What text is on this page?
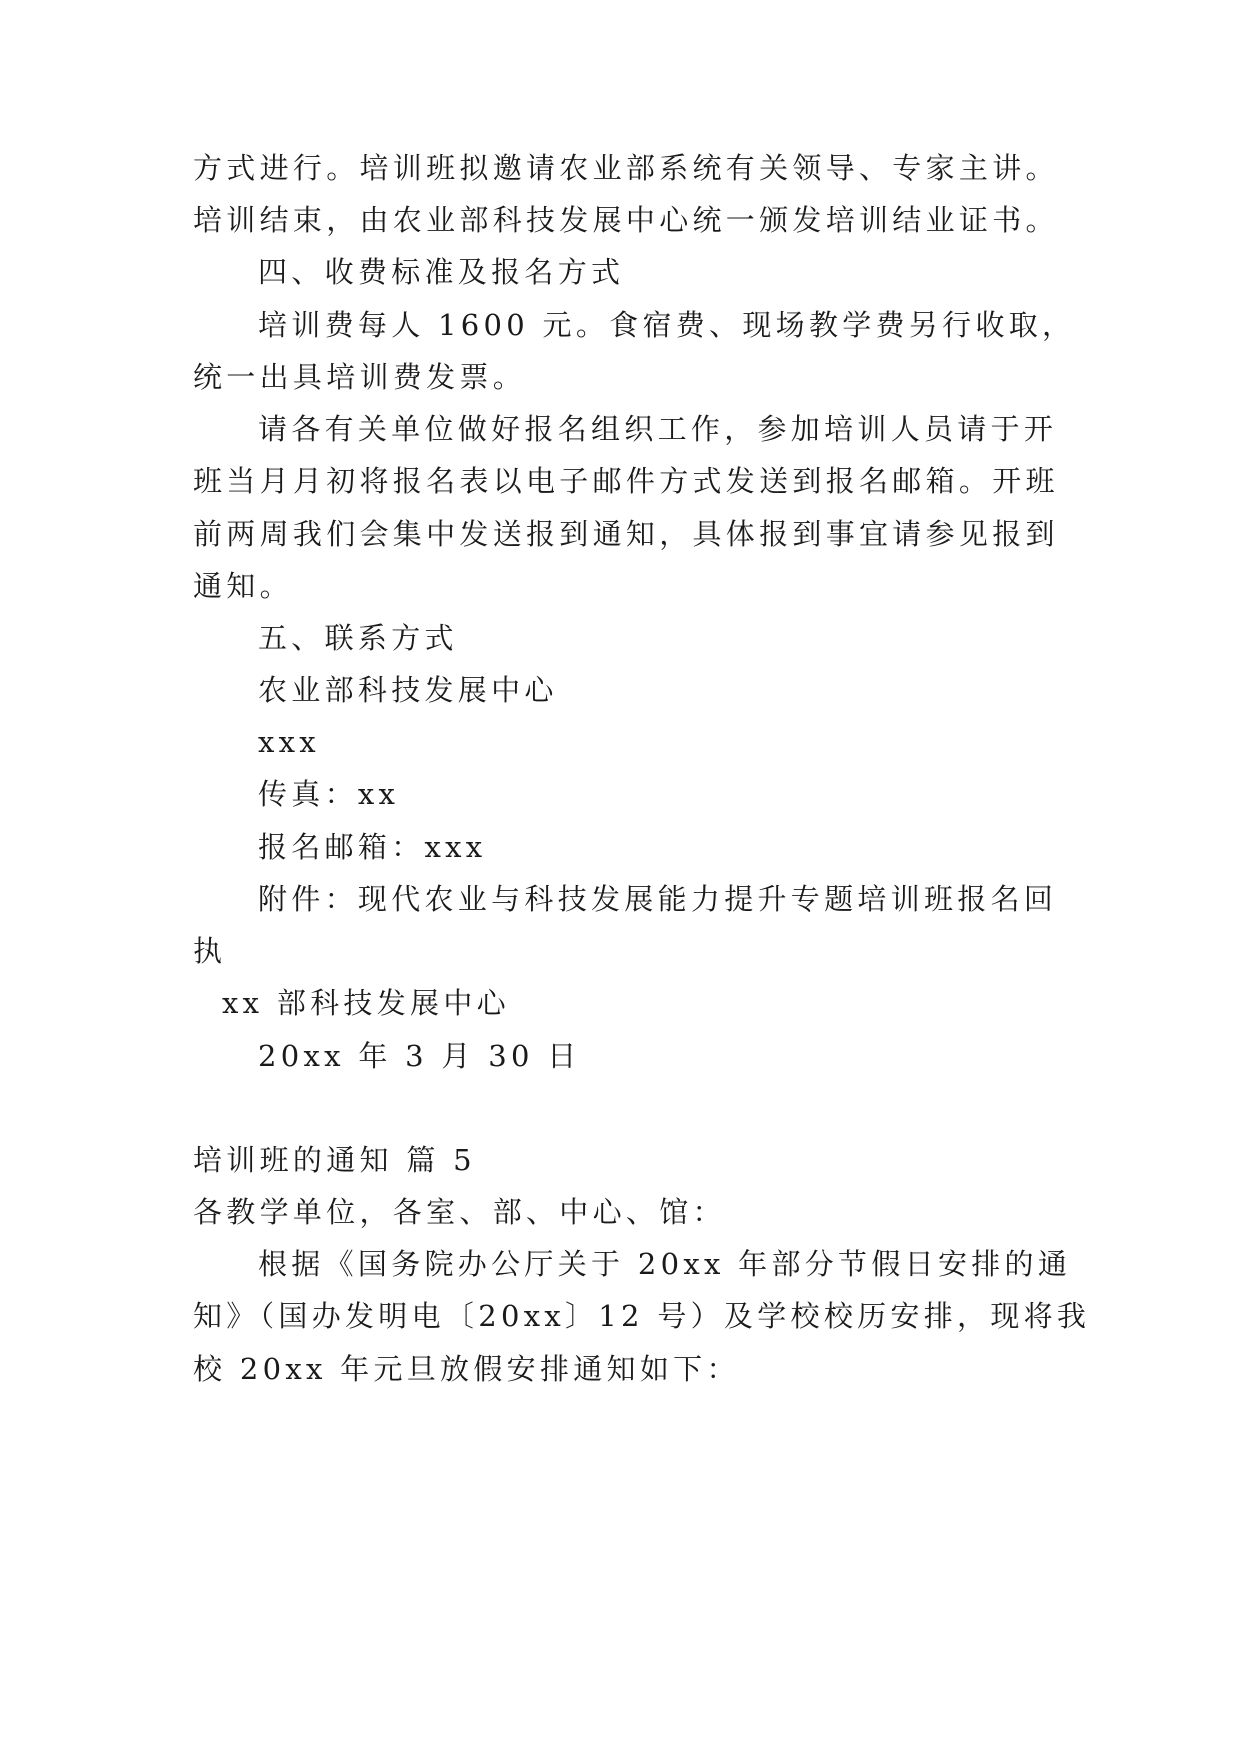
方式进行。培训班拟邀请农业部系统有关领导、专家主讲。
培训结束，由农业部科技发展中心统一颁发培训结业证书。
四、收费标准及报名方式
培训费每人 1600 元。食宿费、现场教学费另行收取，
统一出具培训费发票。
请各有关单位做好报名组织工作，参加培训人员请于开
班当月月初将报名表以电子邮件方式发送到报名邮箱。开班
前两周我们会集中发送报到通知，具体报到事宜请参见报到
通知。
五、联系方式
农业部科技发展中心
xxx
传真：xx
报名邮箱：xxx
附件：现代农业与科技发展能力提升专题培训班报名回
执
xx 部科技发展中心
20xx 年 3 月 30 日
培训班的通知 篇 5
各教学单位，各室、部、中心、馆：
根据《国务院办公厅关于 20xx 年部分节假日安排的通
知》（国办发明电〔20xx〕12 号）及学校校历安排，现将我
校 20xx 年元旦放假安排通知如下：
